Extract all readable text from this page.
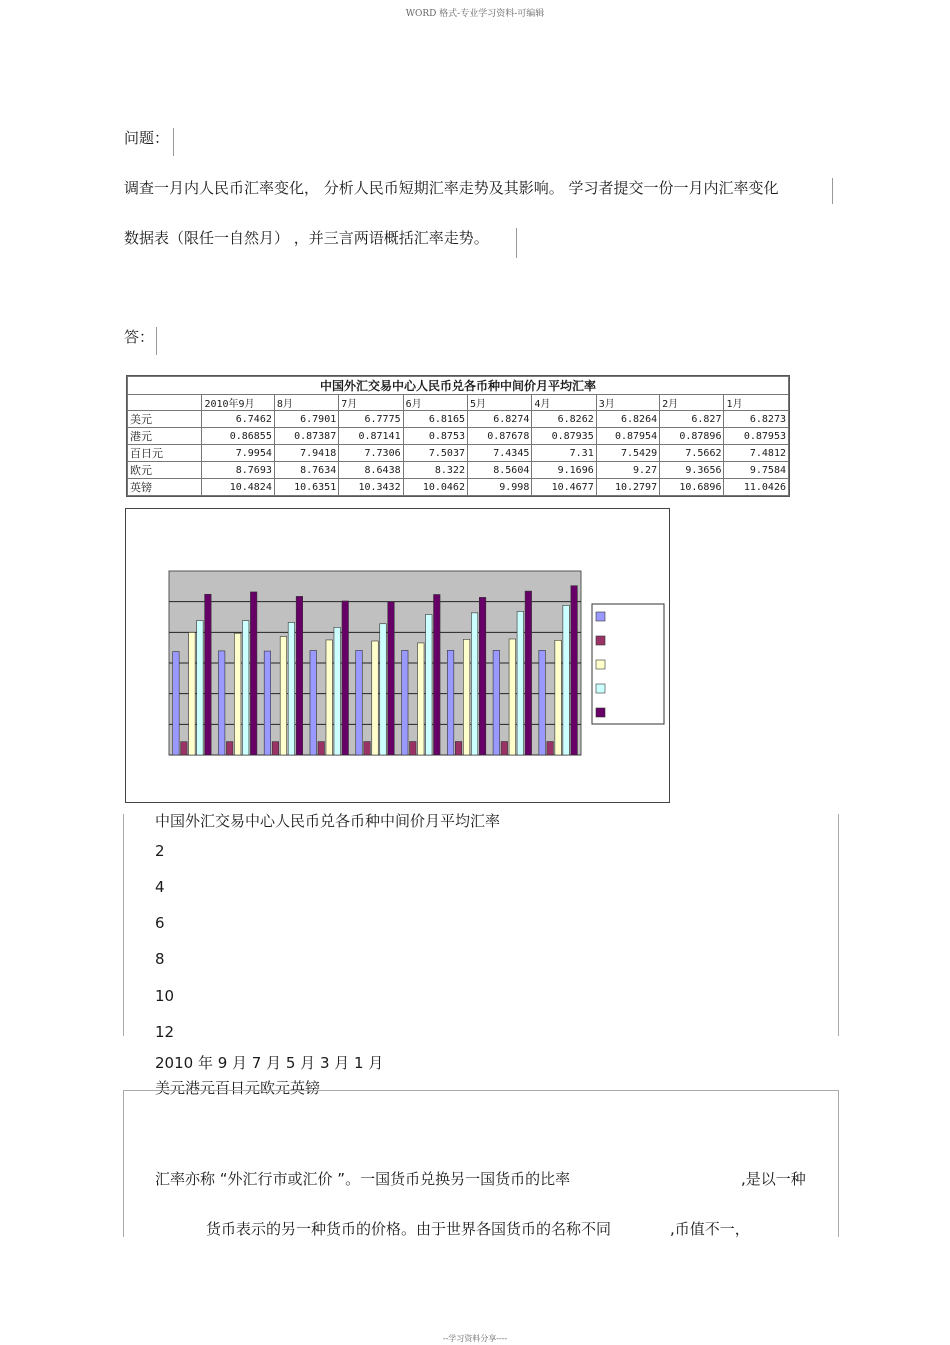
WORD 格式-专业学习资料-可编辑
问题：
调查一月内人民币汇率变化， 分析人民币短期汇率走势及其影响。 学习者提交一份一月内汇率变化
数据表（限任一自然月） ，并三言两语概括汇率走势。
答：
中国外汇交易中心人民币兑各币种中间价月平均汇率									
	2010年9月	8月	7月	6月	5月	4月	3月	2月	1月
美元	6.7462	6.7901	6.7775	6.8165	6.8274	6.8262	6.8264	6.827	6.8273
港元	0.86855	0.87387	0.87141	0.8753	0.87678	0.87935	0.87954	0.87896	0.87953
百日元	7.9954	7.9418	7.7306	7.5037	7.4345	7.31	7.5429	7.5662	7.4812
欧元	8.7693	8.7634	8.6438	8.322	8.5604	9.1696	9.27	9.3656	9.7584
英镑	10.4824	10.6351	10.3432	10.0462	9.998	10.4677	10.2797	10.6896	11.0426
中国外汇交易中心人民币兑各币种中间价月平均汇率
2
4
6
8
10
12
2010 年 9 月 7 月 5 月 3 月 1 月
美元港元百日元欧元英镑
汇率亦称 “外汇行市或汇价 ”。一国货币兑换另一国货币的比率	,是以一种
货币表示的另一种货币的价格。由于世界各国货币的名称不同	,币值不一，
--学习资料分享----
